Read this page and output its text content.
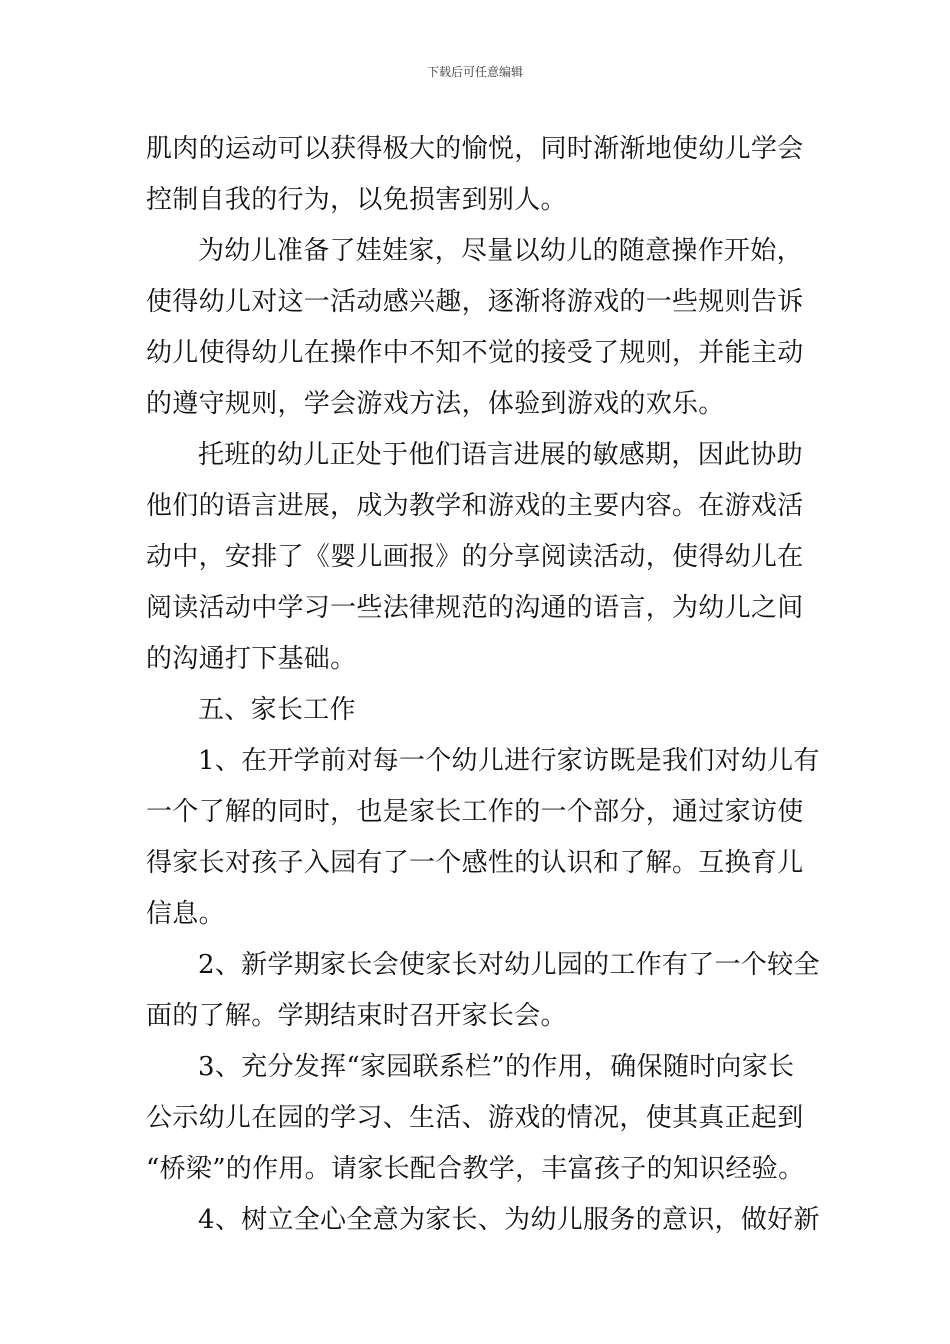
下载后可任意编辑
肌肉的运动可以获得极大的愉悦，同时渐渐地使幼儿学会
控制自我的行为，以免损害到别人。
为幼儿准备了娃娃家，尽量以幼儿的随意操作开始，
使得幼儿对这一活动感兴趣，逐渐将游戏的一些规则告诉
幼儿使得幼儿在操作中不知不觉的接受了规则，并能主动
的遵守规则，学会游戏方法，体验到游戏的欢乐。
托班的幼儿正处于他们语言进展的敏感期，因此协助
他们的语言进展，成为教学和游戏的主要内容。在游戏活
动中，安排了《婴儿画报》的分享阅读活动，使得幼儿在
阅读活动中学习一些法律规范的沟通的语言，为幼儿之间
的沟通打下基础。
五、家长工作
1、在开学前对每一个幼儿进行家访既是我们对幼儿有
一个了解的同时，也是家长工作的一个部分，通过家访使
得家长对孩子入园有了一个感性的认识和了解。互换育儿
信息。
2、新学期家长会使家长对幼儿园的工作有了一个较全
面的了解。学期结束时召开家长会。
3、充分发挥“家园联系栏”的作用，确保随时向家长
公示幼儿在园的学习、生活、游戏的情况，使其真正起到
“桥梁”的作用。请家长配合教学，丰富孩子的知识经验。
4、树立全心全意为家长、为幼儿服务的意识，做好新
